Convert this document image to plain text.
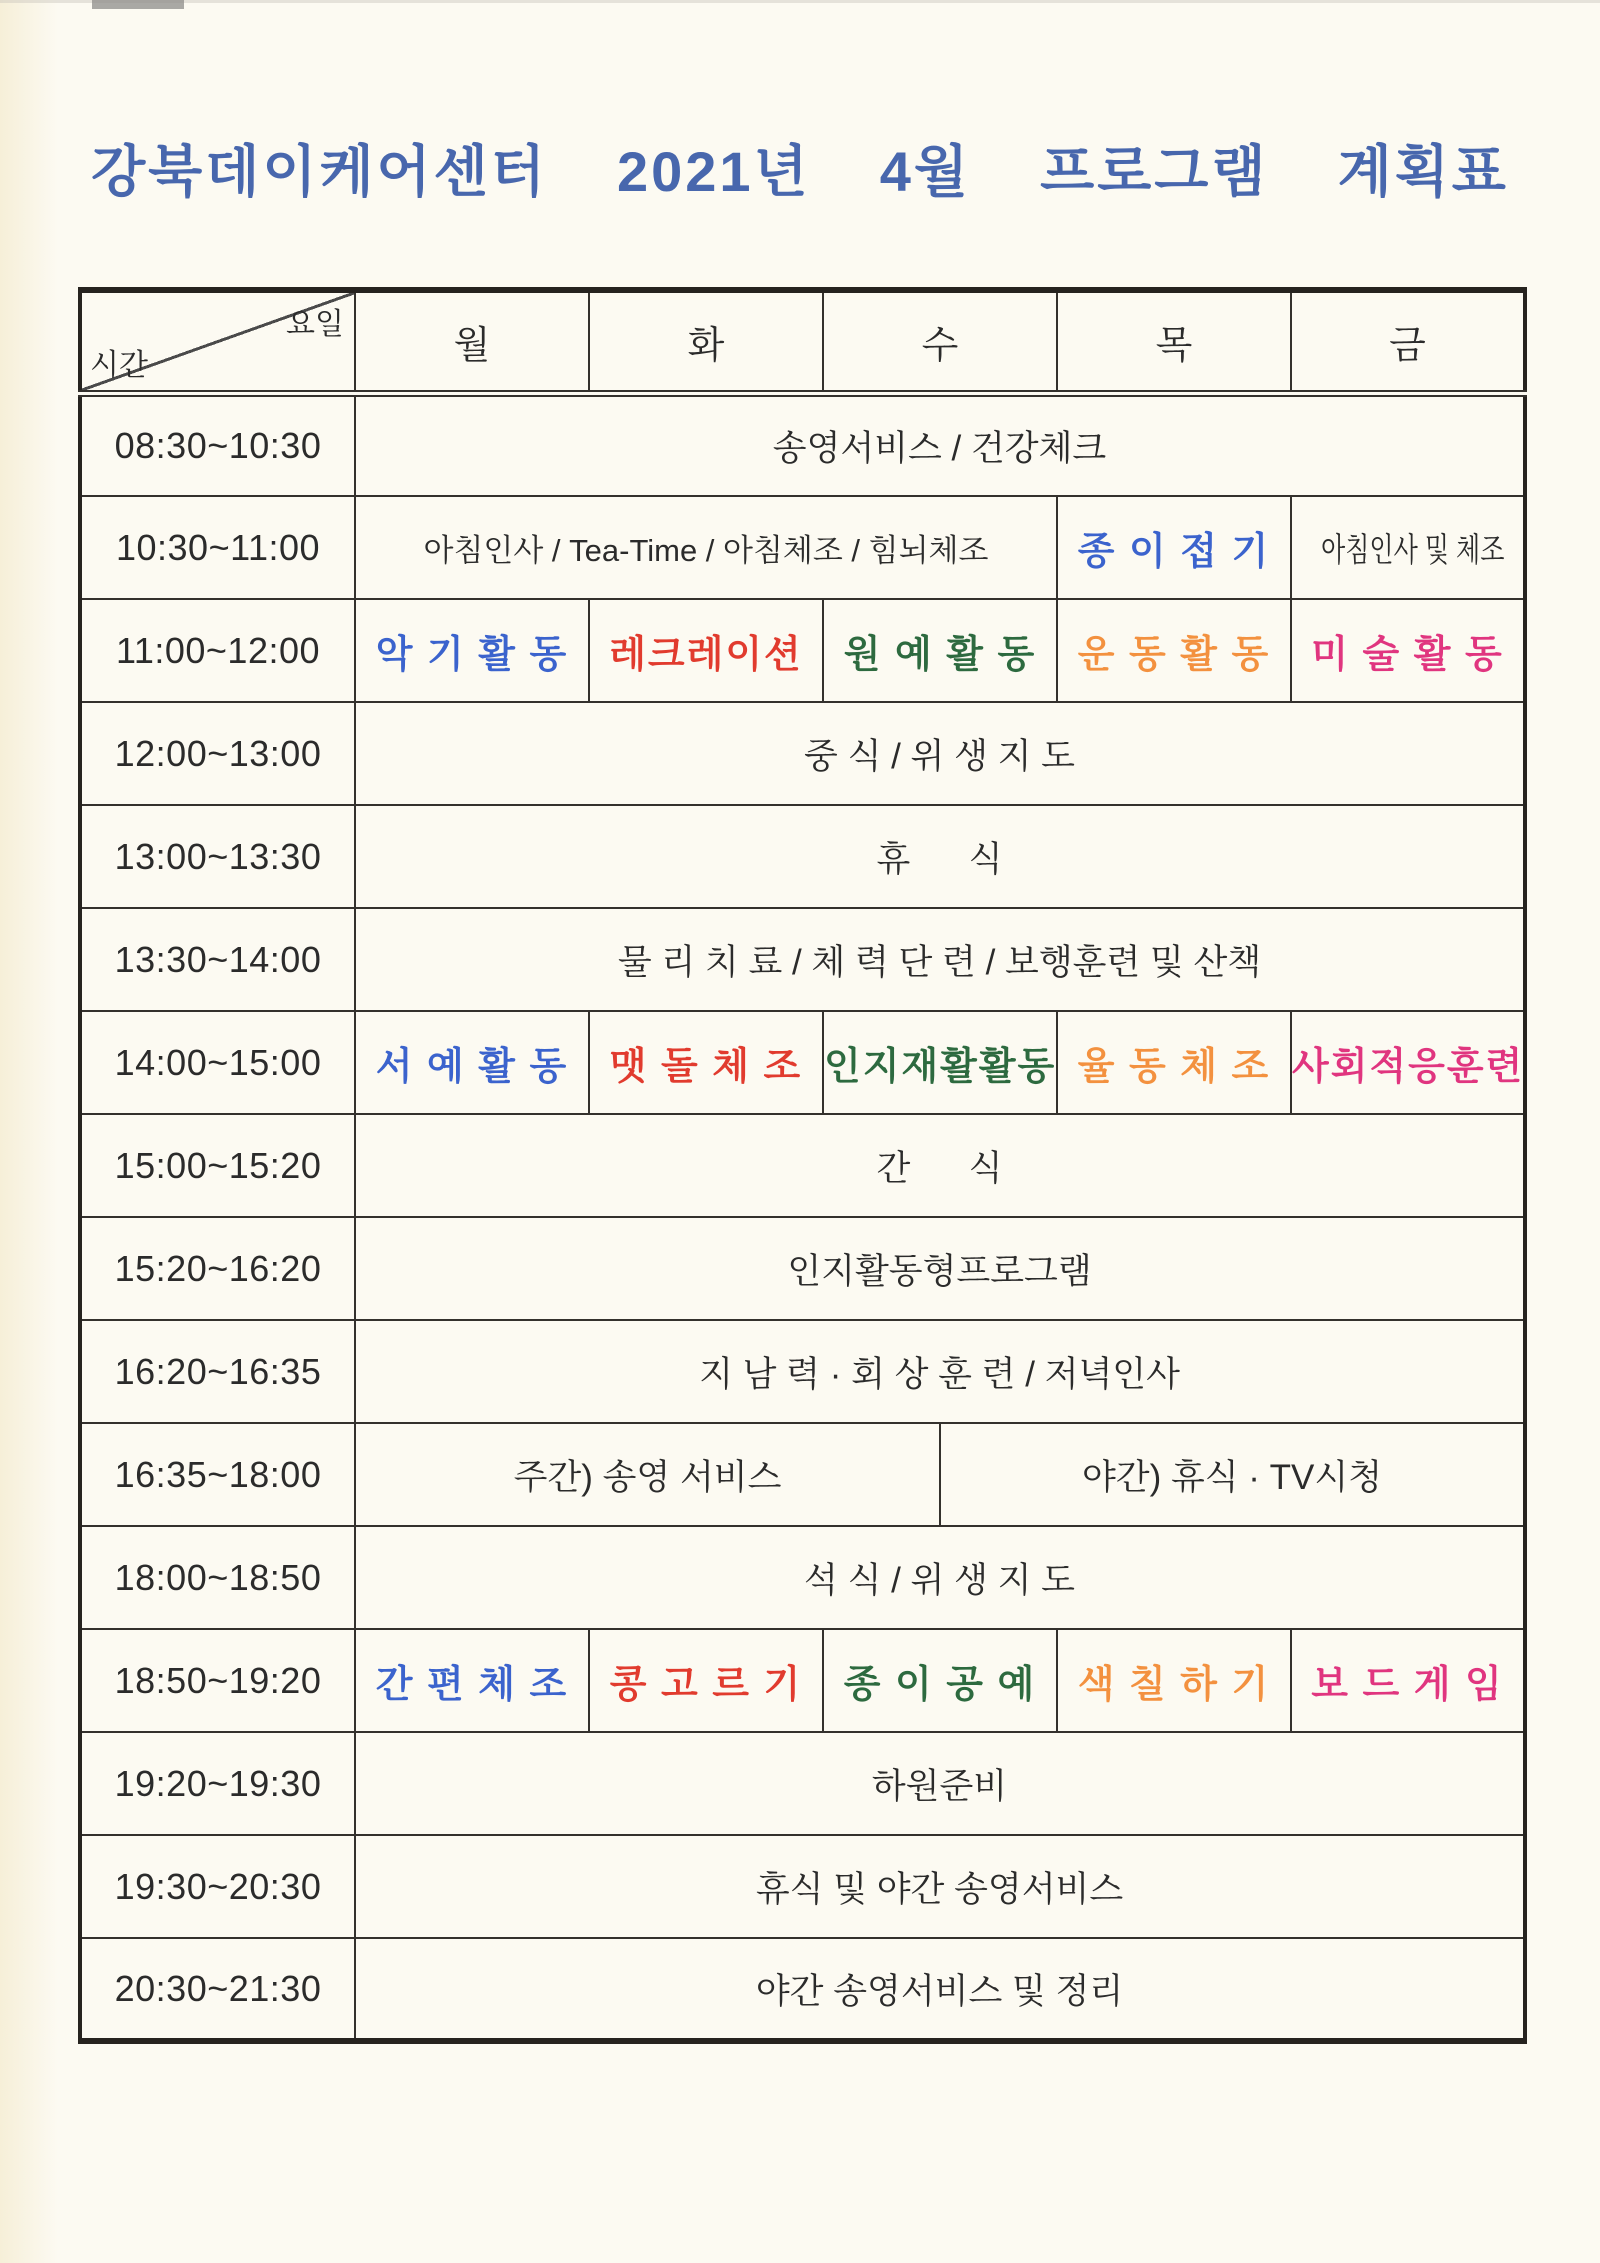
강북데이케어센터  2021년  4월  프로그램  계획표

시간

요일	월	화	수		목	금
08:30~10:30	송영서비스 / 건강체크					
10:30~11:00	아침인사 / Tea-Time / 아침체조 / 힘뇌체조				종 이 접 기	아침인사 및 체조
11:00~12:00	악 기 활 동	레크레이션	원 예 활 동		운 동 활 동	미 술 활 동
12:00~13:00	중 식 / 위 생 지 도					
13:00~13:30	휴      식					
13:30~14:00	물 리 치 료 / 체 력 단 련 / 보행훈련 및 산책					
14:00~15:00	서 예 활 동	맷 돌 체 조	인지재활활동		율 동 체 조	사회적응훈련
15:00~15:20	간      식					
15:20~16:20	인지활동형프로그램					
16:20~16:35	지 남 력 · 회 상 훈 련 / 저녁인사					
16:35~18:00	주간) 송영 서비스			야간) 휴식 · TV시청		
18:00~18:50	석 식 / 위 생 지 도					
18:50~19:20	간 편 체 조	콩 고 르 기	종 이 공 예		색 칠 하 기	보 드 게 임
19:20~19:30	하원준비					
19:30~20:30	휴식 및 야간 송영서비스					
20:30~21:30	야간 송영서비스 및 정리					
